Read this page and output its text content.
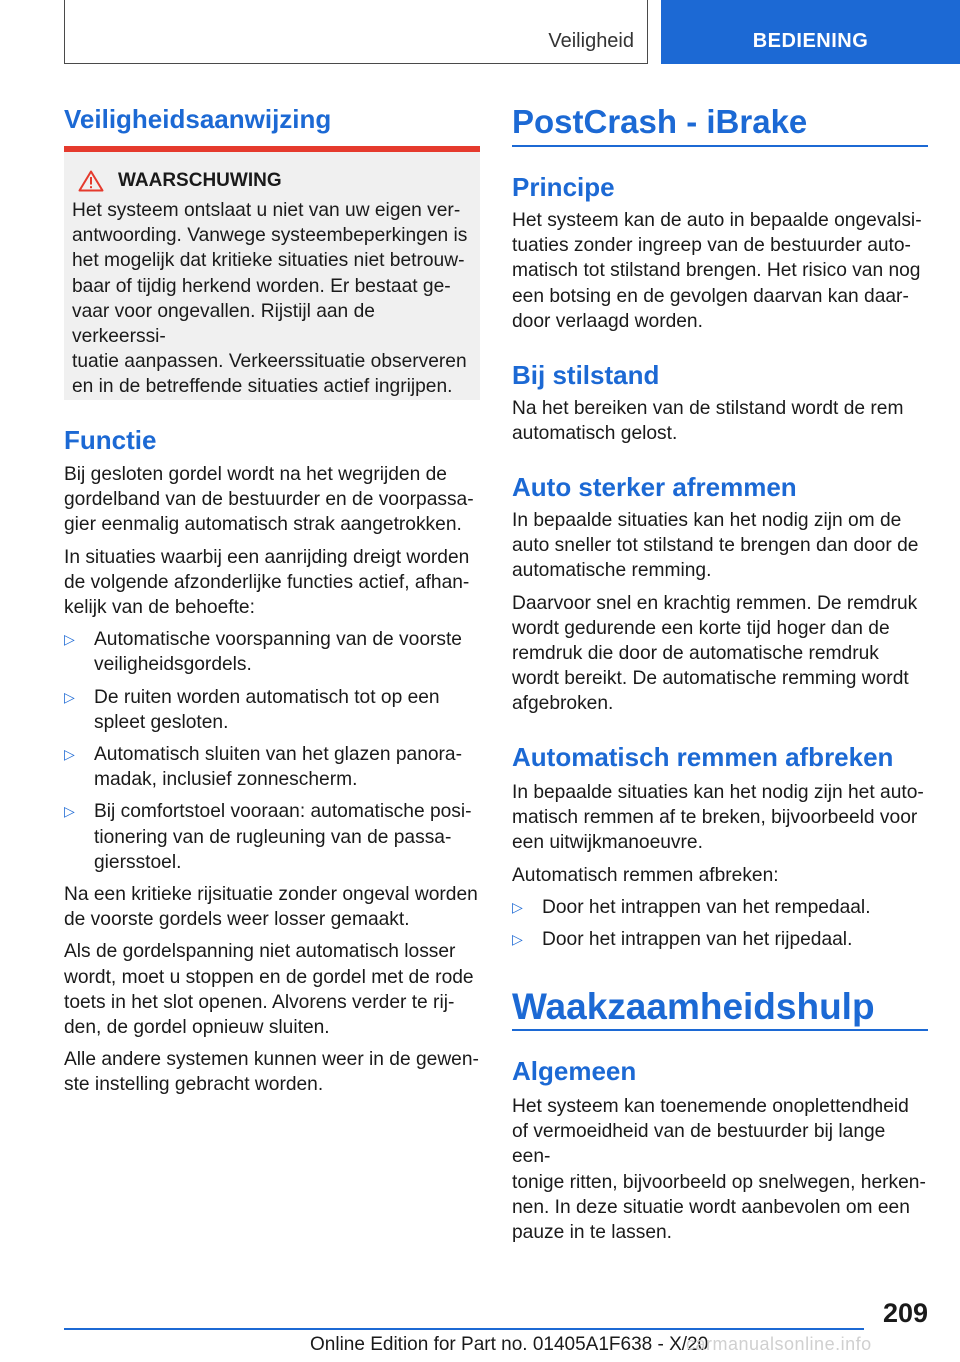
Veiligheid	BEDIENING
Veiligheidsaanwijzing
WAARSCHUWING
Het systeem ontslaat u niet van uw eigen ver-
antwoording. Vanwege systeembeperkingen is
het mogelijk dat kritieke situaties niet betrouw-
baar of tijdig herkend worden. Er bestaat ge-
vaar voor ongevallen. Rijstijl aan de verkeerssi-
tuatie aanpassen. Verkeerssituatie observeren
en in de betreffende situaties actief ingrijpen.
Functie
Bij gesloten gordel wordt na het wegrijden de
gordelband van de bestuurder en de voorpassa-
gier eenmalig automatisch strak aangetrokken.
In situaties waarbij een aanrijding dreigt worden
de volgende afzonderlijke functies actief, afhan-
kelijk van de behoefte:
▷ Automatische voorspanning van de voorste
veiligheidsgordels.
▷ De ruiten worden automatisch tot op een
spleet gesloten.
▷ Automatisch sluiten van het glazen panora-
madak, inclusief zonnescherm.
▷ Bij comfortstoel vooraan: automatische posi-
tionering van de rugleuning van de passa-
giersstoel.
Na een kritieke rijsituatie zonder ongeval worden
de voorste gordels weer losser gemaakt.
Als de gordelspanning niet automatisch losser
wordt, moet u stoppen en de gordel met de rode
toets in het slot openen. Alvorens verder te rij-
den, de gordel opnieuw sluiten.
Alle andere systemen kunnen weer in de gewen-
ste instelling gebracht worden.
PostCrash - iBrake
Principe
Het systeem kan de auto in bepaalde ongevalsi-
tuaties zonder ingreep van de bestuurder auto-
matisch tot stilstand brengen. Het risico van nog
een botsing en de gevolgen daarvan kan daar-
door verlaagd worden.
Bij stilstand
Na het bereiken van de stilstand wordt de rem
automatisch gelost.
Auto sterker afremmen
In bepaalde situaties kan het nodig zijn om de
auto sneller tot stilstand te brengen dan door de
automatische remming.
Daarvoor snel en krachtig remmen. De remdruk
wordt gedurende een korte tijd hoger dan de
remdruk die door de automatische remdruk
wordt bereikt. De automatische remming wordt
afgebroken.
Automatisch remmen afbreken
In bepaalde situaties kan het nodig zijn het auto-
matisch remmen af te breken, bijvoorbeeld voor
een uitwijkmanoeuvre.
Automatisch remmen afbreken:
▷ Door het intrappen van het rempedaal.
▷ Door het intrappen van het rijpedaal.
Waakzaamheidshulp
Algemeen
Het systeem kan toenemende onoplettendheid
of vermoeidheid van de bestuurder bij lange een-
tonige ritten, bijvoorbeeld op snelwegen, herken-
nen. In deze situatie wordt aanbevolen om een
pauze in te lassen.
209
Online Edition for Part no. 01405A1F638 - X/20
carmanualsonline.info
